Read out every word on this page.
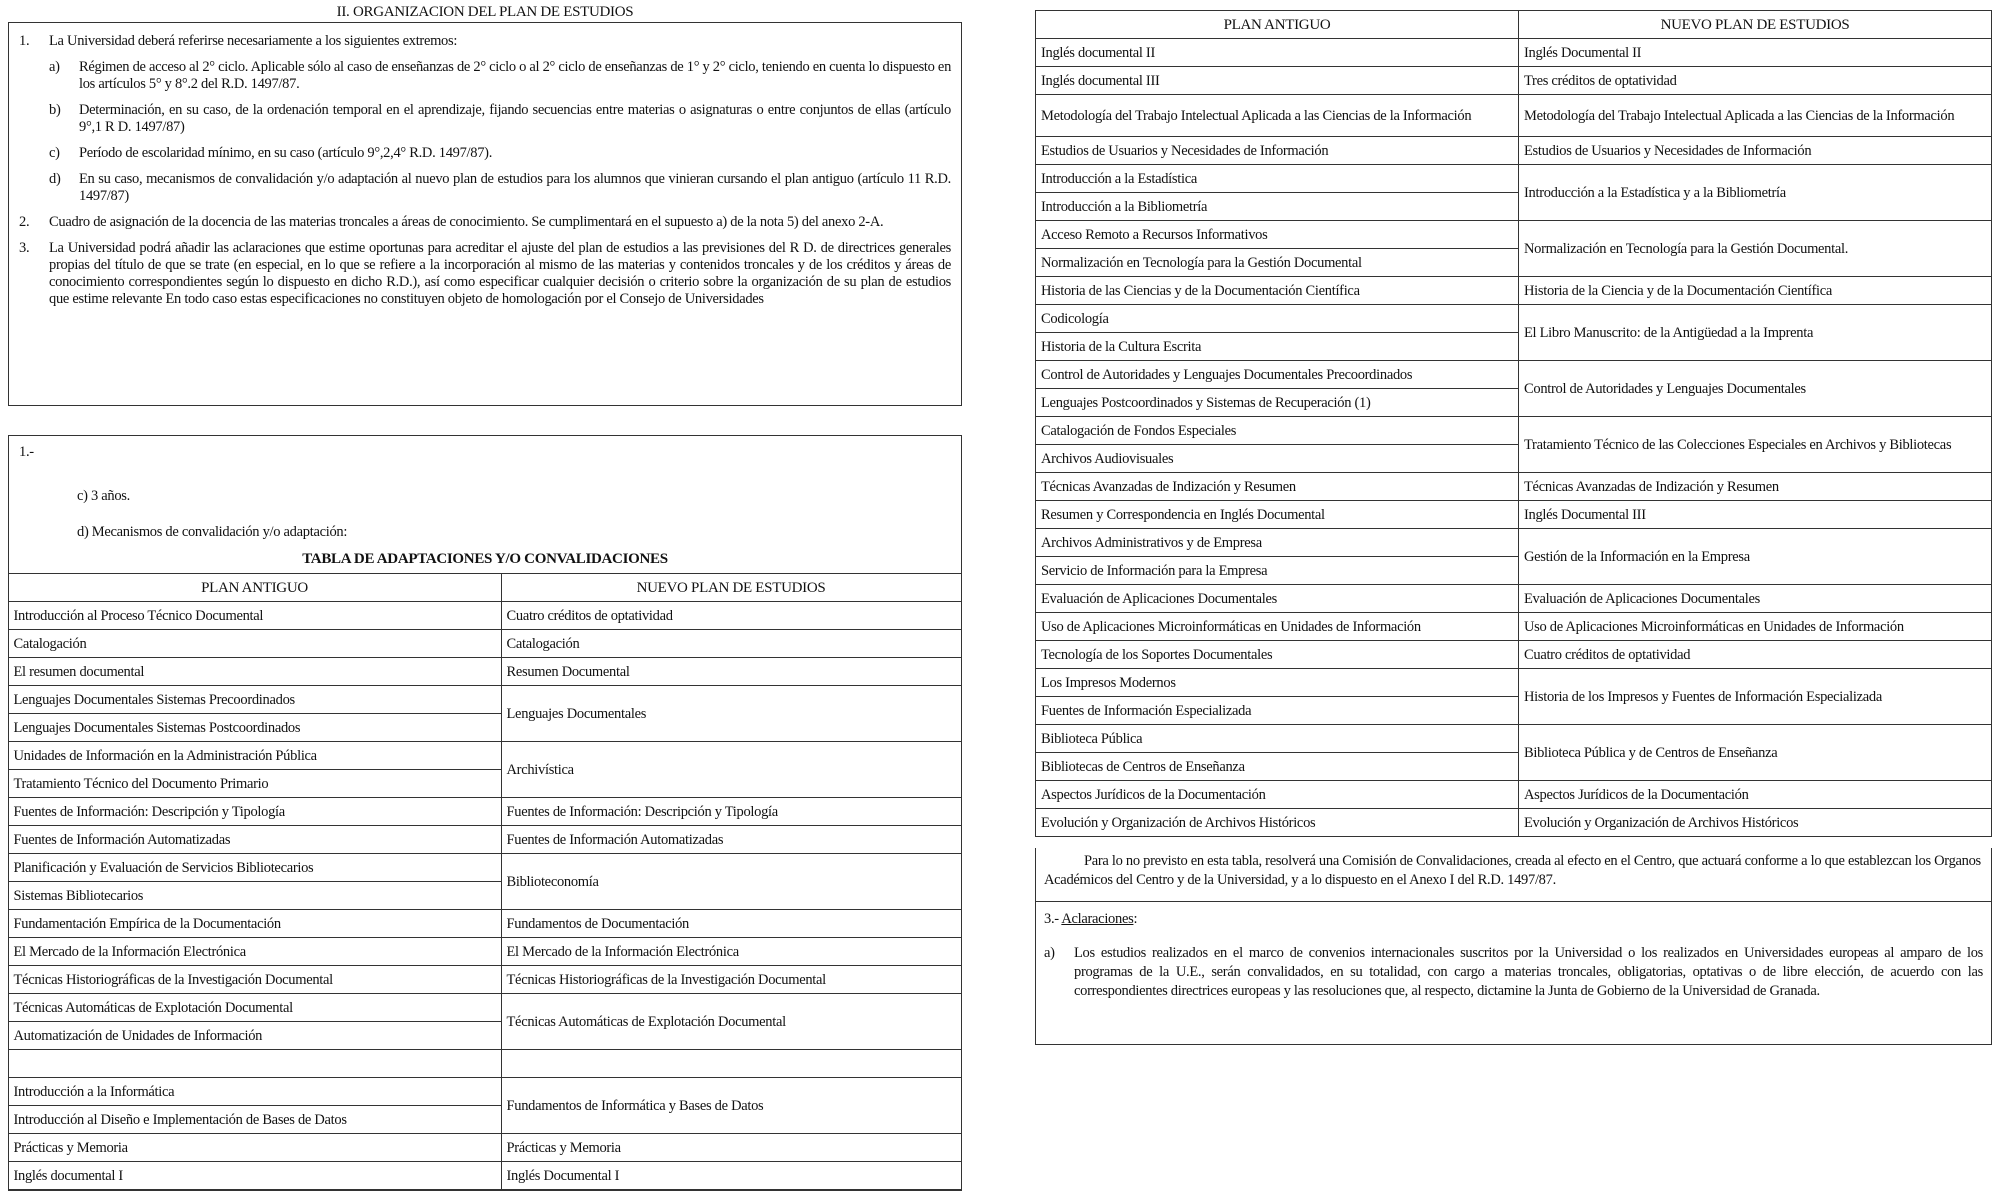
II. ORGANIZACION DEL PLAN DE ESTUDIOS
1.	La Universidad deberá referirse necesariamente a los siguientes extremos:
a)	Régimen de acceso al 2° ciclo. Aplicable sólo al caso de enseñanzas de 2° ciclo o al 2° ciclo de enseñanzas de 1° y 2° ciclo, teniendo en cuenta lo dispuesto en los artículos 5° y 8°.2 del R.D. 1497/87.
b)	Determinación, en su caso, de la ordenación temporal en el aprendizaje, fijando secuencias entre materias o asignaturas o entre conjuntos de ellas (artículo 9°,1 R D. 1497/87)
c)	Período de escolaridad mínimo, en su caso (artículo 9°,2,4° R.D. 1497/87).
d)	En su caso, mecanismos de convalidación y/o adaptación al nuevo plan de estudios para los alumnos que vinieran cursando el plan antiguo (artículo 11 R.D. 1497/87)
2.	Cuadro de asignación de la docencia de las materias troncales a áreas de conocimiento. Se cumplimentará en el supuesto a) de la nota 5) del anexo 2-A.
3.	La Universidad podrá añadir las aclaraciones que estime oportunas para acreditar el ajuste del plan de estudios a las previsiones del R D. de directrices generales propias del título de que se trate (en especial, en lo que se refiere a la incorporación al mismo de las materias y contenidos troncales y de los créditos y áreas de conocimiento correspondientes según lo dispuesto en dicho R.D.), así como especificar cualquier decisión o criterio sobre la organización de su plan de estudios que estime relevante En todo caso estas especificaciones no constituyen objeto de homologación por el Consejo de Universidades
1.-
c) 3 años.
d) Mecanismos de convalidación y/o adaptación:
TABLA DE ADAPTACIONES Y/O CONVALIDACIONES
PLAN ANTIGUO	NUEVO PLAN DE ESTUDIOS
Introducción al Proceso Técnico Documental	Cuatro créditos de optatividad
Catalogación	Catalogación
El resumen documental	Resumen Documental
Lenguajes Documentales Sistemas Precoordinados	Lenguajes Documentales
Lenguajes Documentales Sistemas Postcoordinados	
Unidades de Información en la Administración Pública	Archivística
Tratamiento Técnico del Documento Primario	
Fuentes de Información: Descripción y Tipología	Fuentes de Información: Descripción y Tipología
Fuentes de Información Automatizadas	Fuentes de Información Automatizadas
Planificación y Evaluación de Servicios Bibliotecarios	Biblioteconomía
Sistemas Bibliotecarios	
Fundamentación Empírica de la Documentación	Fundamentos de Documentación
El Mercado de la Información Electrónica	El Mercado de la Información Electrónica
Técnicas Historiográficas de la Investigación Documental	Técnicas Historiográficas de la Investigación Documental
Técnicas Automáticas de Explotación Documental	Técnicas Automáticas de Explotación Documental
Automatización de Unidades de Información	

Introducción a la Informática	Fundamentos de Informática y Bases de Datos
Introducción al Diseño e Implementación de Bases de Datos	
Prácticas y Memoria	Prácticas y Memoria
Inglés documental I	Inglés Documental I
PLAN ANTIGUO	NUEVO PLAN DE ESTUDIOS
Inglés documental II	Inglés Documental II
Inglés documental III	Tres créditos de optatividad
Metodología del Trabajo Intelectual Aplicada a las Ciencias de la Información	Metodología del Trabajo Intelectual Aplicada a las Ciencias de la Información
Estudios de Usuarios y Necesidades de Información	Estudios de Usuarios y Necesidades de Información
Introducción a la Estadística	Introducción a la Estadística y a la Bibliometría
Introducción a la Bibliometría	
Acceso Remoto a Recursos Informativos	Normalización en Tecnología para la Gestión Documental.
Normalización en Tecnología para la Gestión Documental	
Historia de las Ciencias y de la Documentación Científica	Historia de la Ciencia y de la Documentación Científica
Codicología	El Libro Manuscrito: de la Antigüedad a la Imprenta
Historia de la Cultura Escrita	
Control de Autoridades y Lenguajes Documentales Precoordinados	Control de Autoridades y Lenguajes Documentales
Lenguajes Postcoordinados y Sistemas de Recuperación (1)	
Catalogación de Fondos Especiales	Tratamiento Técnico de las Colecciones Especiales en Archivos y Bibliotecas
Archivos Audiovisuales	
Técnicas Avanzadas de Indización y Resumen	Técnicas Avanzadas de Indización y Resumen
Resumen y Correspondencia en Inglés Documental	Inglés Documental III
Archivos Administrativos y de Empresa	Gestión de la Información en la Empresa
Servicio de Información para la Empresa	
Evaluación de Aplicaciones Documentales	Evaluación de Aplicaciones Documentales
Uso de Aplicaciones Microinformáticas en Unidades de Información	Uso de Aplicaciones Microinformáticas en Unidades de Información
Tecnología de los Soportes Documentales	Cuatro créditos de optatividad
Los Impresos Modernos	Historia de los Impresos y Fuentes de Información Especializada
Fuentes de Información Especializada	
Biblioteca Pública	Biblioteca Pública y de Centros de Enseñanza
Bibliotecas de Centros de Enseñanza	
Aspectos Jurídicos de la Documentación	Aspectos Jurídicos de la Documentación
Evolución y Organización de Archivos Históricos	Evolución y Organización de Archivos Históricos
Para lo no previsto en esta tabla, resolverá una Comisión de Convalidaciones, creada al efecto en el Centro, que actuará conforme a lo que establezcan los Organos Académicos del Centro y de la Universidad, y a lo dispuesto en el Anexo I del R.D. 1497/87.
3.- Aclaraciones:
a)	Los estudios realizados en el marco de convenios internacionales suscritos por la Universidad o los realizados en Universidades europeas al amparo de los programas de la U.E., serán convalidados, en su totalidad, con cargo a materias troncales, obligatorias, optativas o de libre elección, de acuerdo con las correspondientes directrices europeas y las resoluciones que, al respecto, dictamine la Junta de Gobierno de la Universidad de Granada.
